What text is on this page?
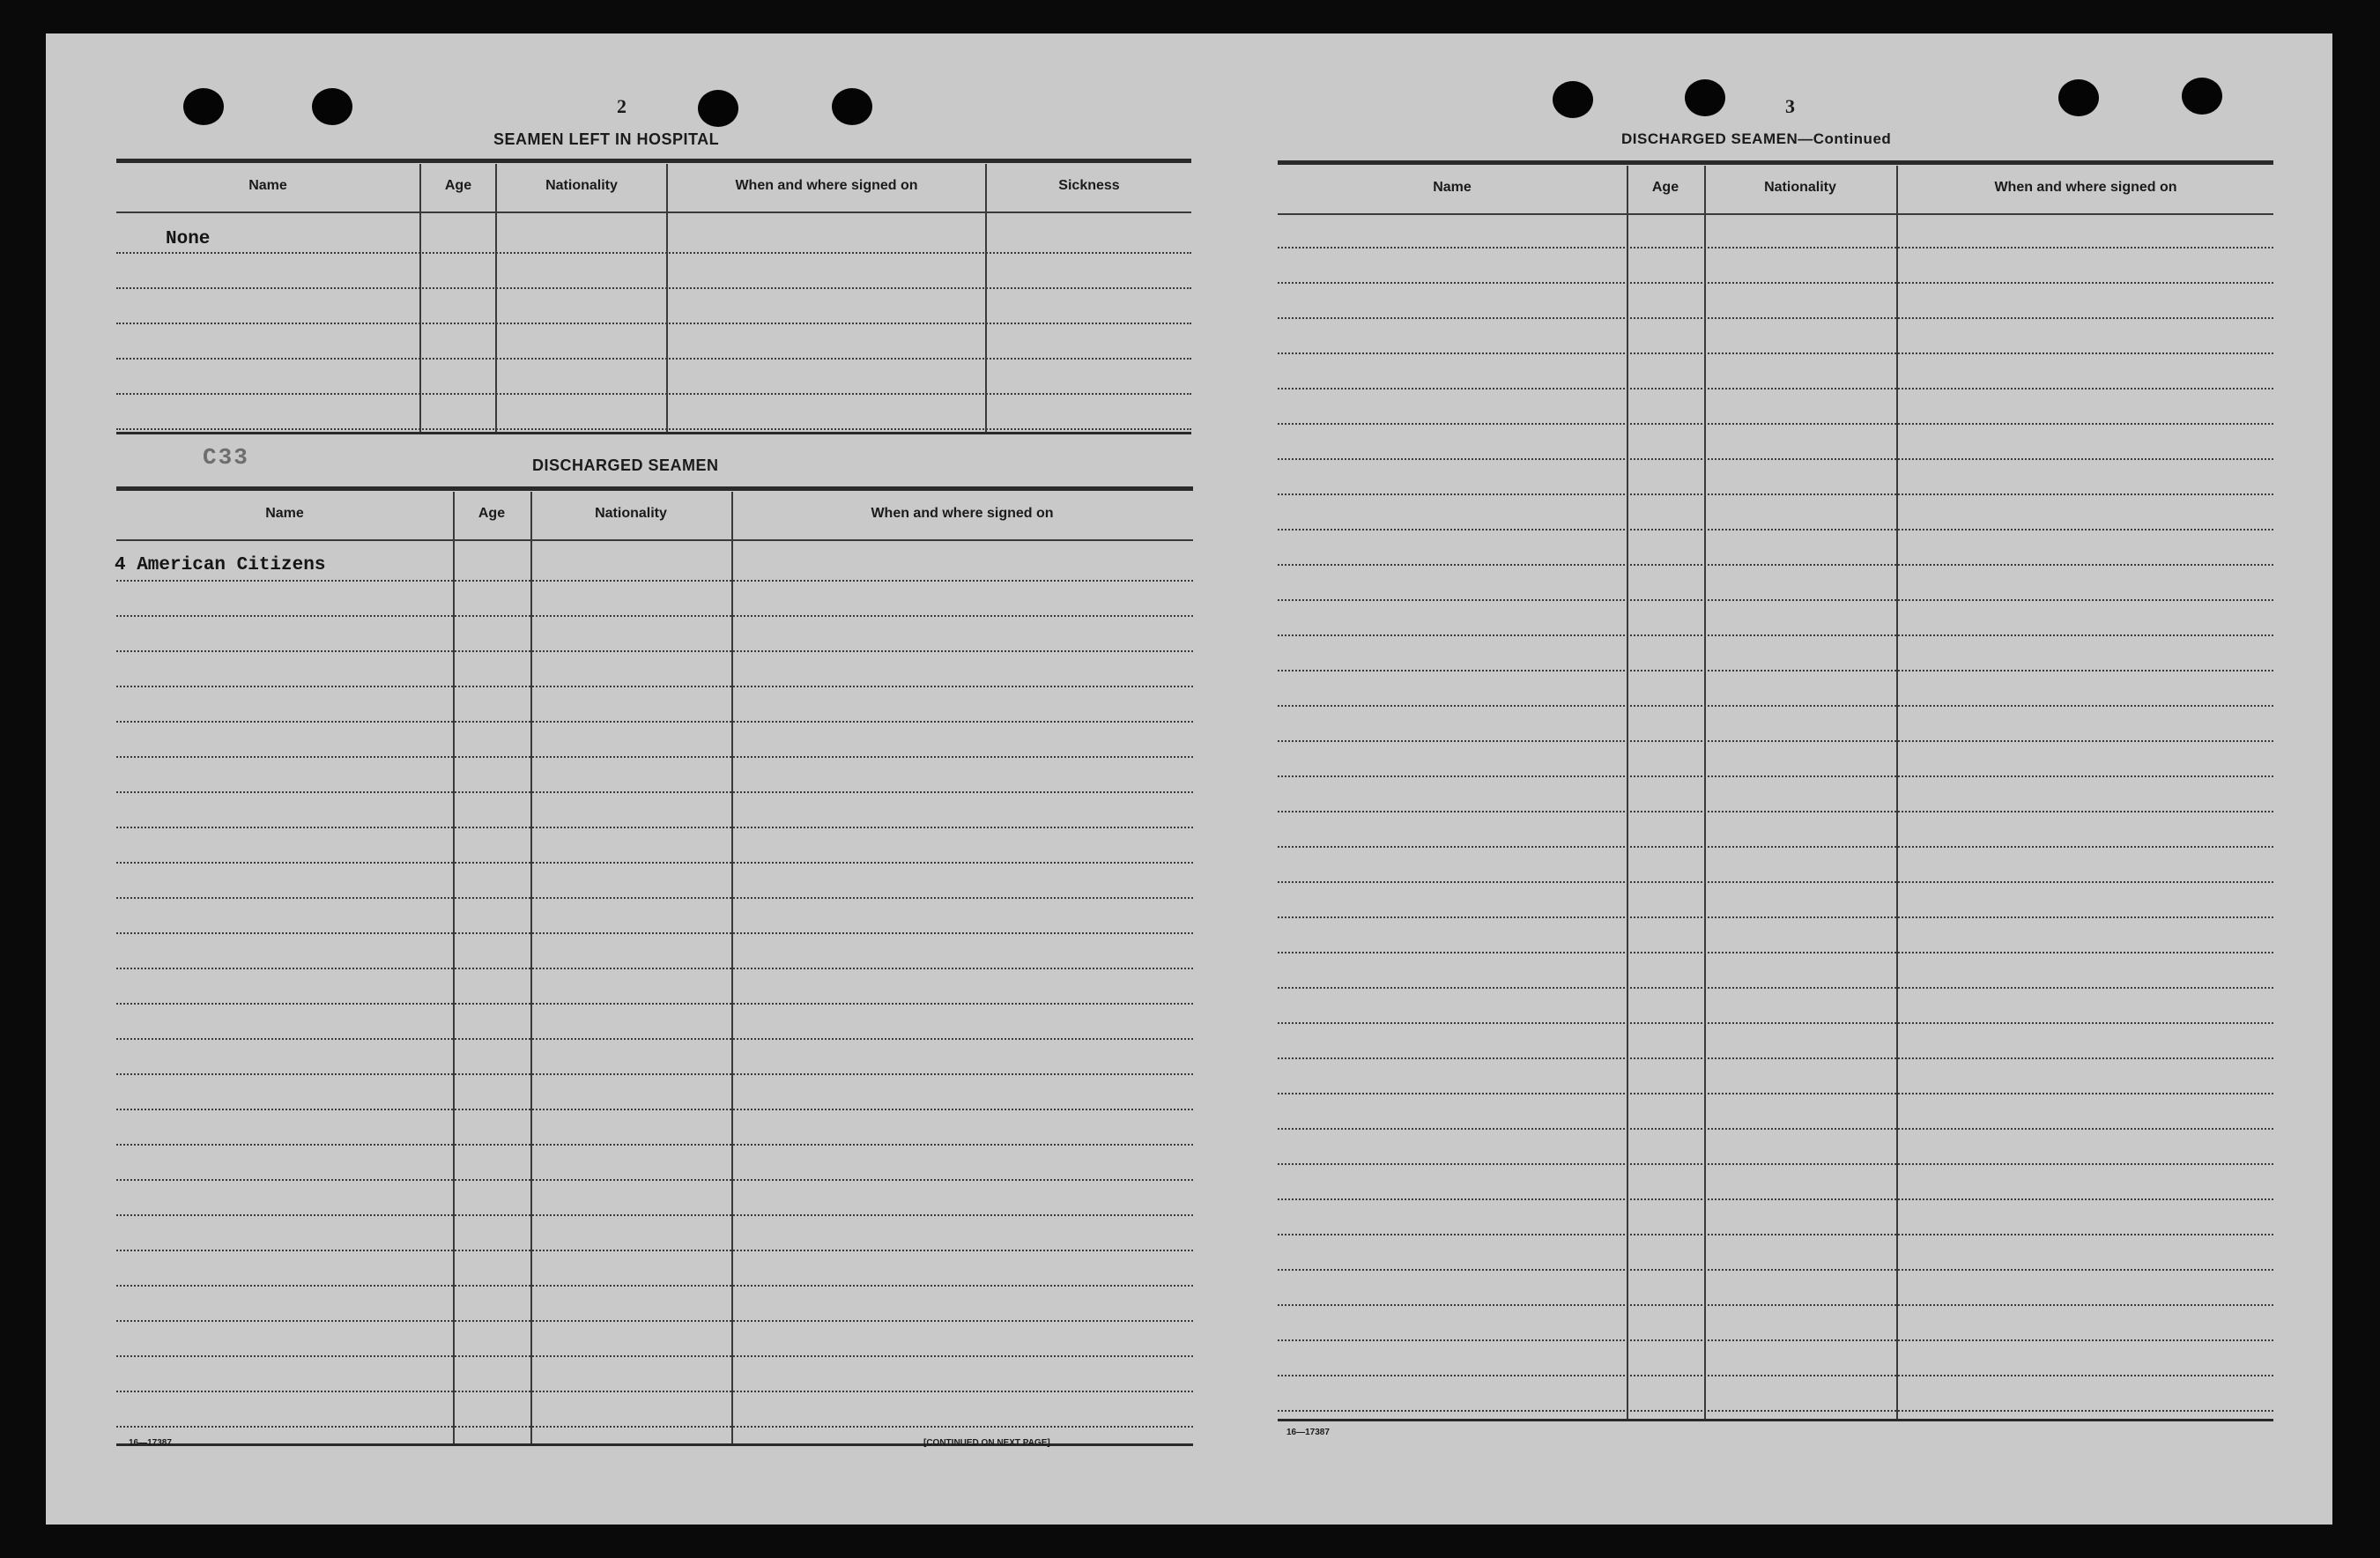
2
SEAMEN LEFT IN HOSPITAL
Name	Age	Nationality	When and where signed on	Sickness
None
C33	DISCHARGED SEAMEN
Name	Age	Nationality	When and where signed on
4 American Citizens
16—17387	[CONTINUED ON NEXT PAGE]
3
DISCHARGED SEAMEN—Continued
Name	Age	Nationality	When and where signed on
16—17387
